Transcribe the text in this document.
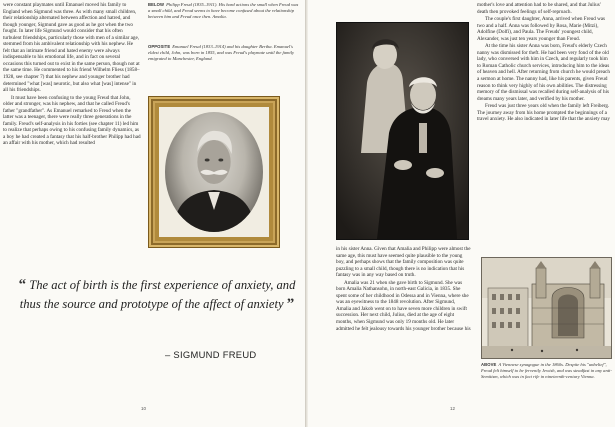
were constant playmates until Emanuel moved his family to England when Sigmund was three. As with many small children, their relationship alternated between affection and hatred, and though younger, Sigmund gave as good as he got when the two fought. In later life Sigmund would consider that his often turbulent friendships, particularly those with men of a similar age, stemmed from his ambivalent relationship with his nephew. He felt that an intimate friend and hated enemy were always indispensable to his emotional life, and in fact on several occasions this turned out to exist in the same person, though not at the same time. He commented to his friend Wilhelm Fliess (1858–1928, see chapter 7) that his nephew and younger brother had determined "what [was] neurotic, but also what [was] intense" in all his friendships.

It must have been confusing to the young Freud that John, older and stronger, was his nephew, and that he called Freud's father "grandfather". As Emanuel remarked to Freud when the latter was a teenager, there were really three generations in the family. Freud's self-analysis in his forties (see chapter 11) led him to realize that perhaps owing to his confusing family dynamics, as a boy he had created a fantasy that his half-brother Philipp had had an affair with his mother, which had resulted

BELOW Philipp Freud (1835–1911). His hard actions the small when Freud was a small child, and Freud seems to have become confused about the relationship between him and Freud once then. Amalia.
OPPOSITE Emanuel Freud (1833–1914) and his daughter Bertha. Emanuel's eldest child, John, was born in 1855, and was Freud's playmate until the family emigrated to Manchester, England.
“ The act of birth is the first experience of anxiety, and thus the source and prototype of the affect of anxiety ”
– SIGMUND FREUD
10

mother's love and attention had to be shared, and that Julius' death then provoked feelings of self-reproach.

The couple's first daughter, Anna, arrived when Freud was two and a half. Anna was followed by Rosa, Marie (Mitzi), Adolfine (Dolfi), and Paula. The Freuds' youngest child, Alexander, was just ten years younger than Freud.

At the time his sister Anna was born, Freud's elderly Czech nanny was dismissed for theft. He had been very fond of the old lady, who conversed with him in Czech, and regularly took him to Roman Catholic church services, introducing him to the ideas of heaven and hell. After returning from church he would preach a sermon at home. The nanny had, like his parents, given Freud reason to think very highly of his own abilities. The distressing memory of the dismissal was recalled during self-analysis of his dreams many years later, and verified by his mother.

Freud was just three years old when the family left Freiberg. The journey away from his home prompted the beginnings of a travel anxiety. He also indicated in later life that the anxiety may

in his sister Anna. Given that Amalia and Philipp were almost the same age, this must have seemed quite plausible to the young boy, and perhaps shows that the family composition was quite puzzling to a small child, though there is no indication that his fantasy was in any way based on truth.

Amalia was 21 when she gave birth to Sigmund. She was born Amalia Nathansohn, in north-east Galicia, in 1835. She spent some of her childhood in Odessa and in Vienna, where she was an eyewitness to the 1848 revolution. After Sigmund, Amalia and Jakob went on to have seven more children in swift succession. Her next child, Julius, died at the age of eight months, when Sigmund was only 19 months old. He later admitted he felt jealousy towards his younger brother because his

ABOVE A Viennese synagogue in the 1860s. Despite his "unbelief", Freud felt himself to be fervently Jewish, and was steadfast in any anti-Semitism, which was in fact rife in nineteenth-century Vienna.
12
